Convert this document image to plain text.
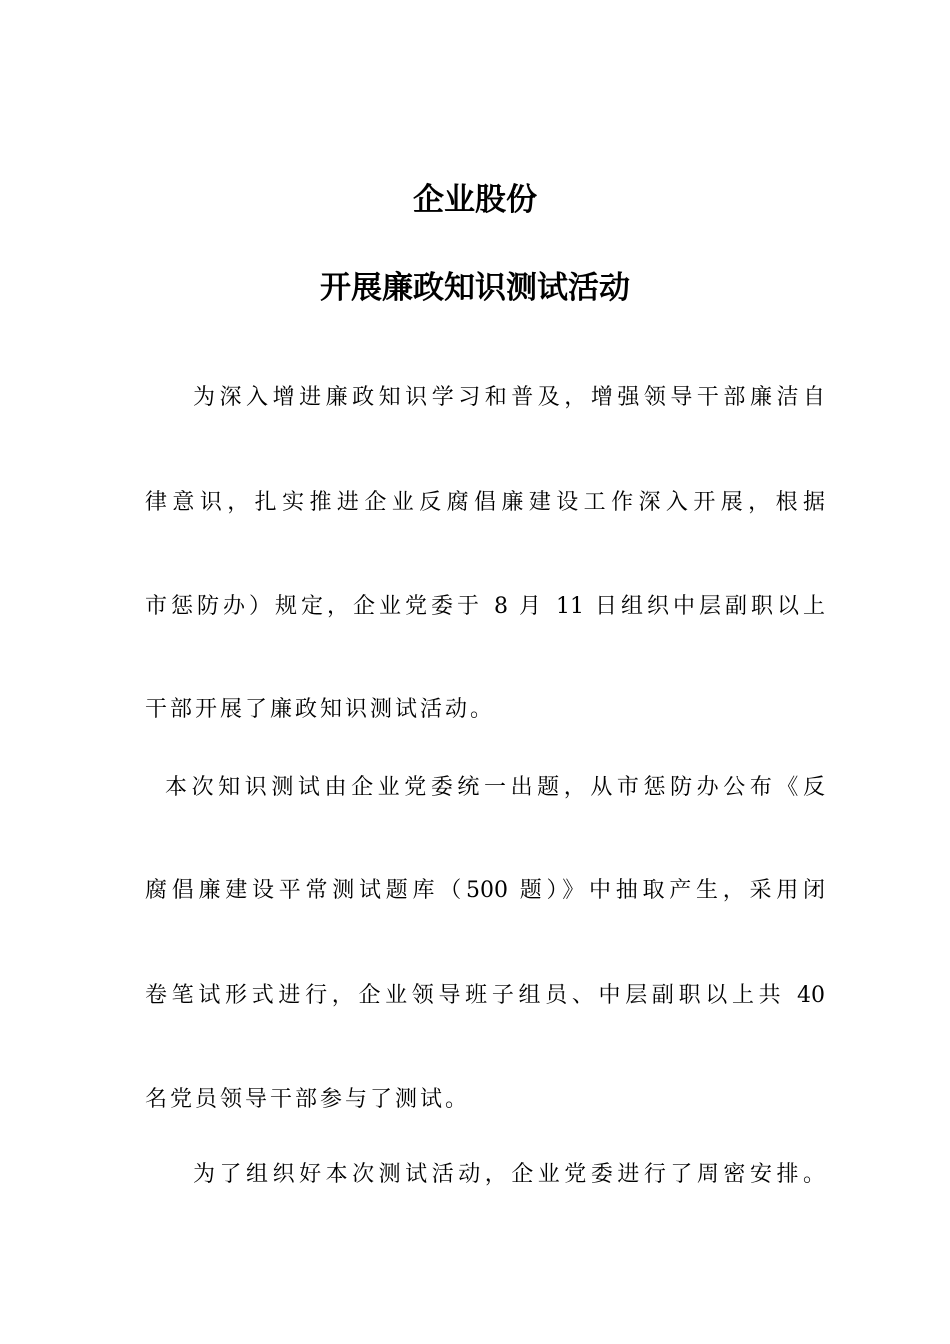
企业股份
开展廉政知识测试活动
为深入增进廉政知识学习和普及，增强领导干部廉洁自
律意识，扎实推进企业反腐倡廉建设工作深入开展，根据
市惩防办）规定，企业党委于 8 月 11 日组织中层副职以上
干部开展了廉政知识测试活动。
本次知识测试由企业党委统一出题，从市惩防办公布《反
腐倡廉建设平常测试题库（500 题）》中抽取产生，采用闭
卷笔试形式进行，企业领导班子组员、中层副职以上共 40
名党员领导干部参与了测试。
为了组织好本次测试活动，企业党委进行了周密安排。
